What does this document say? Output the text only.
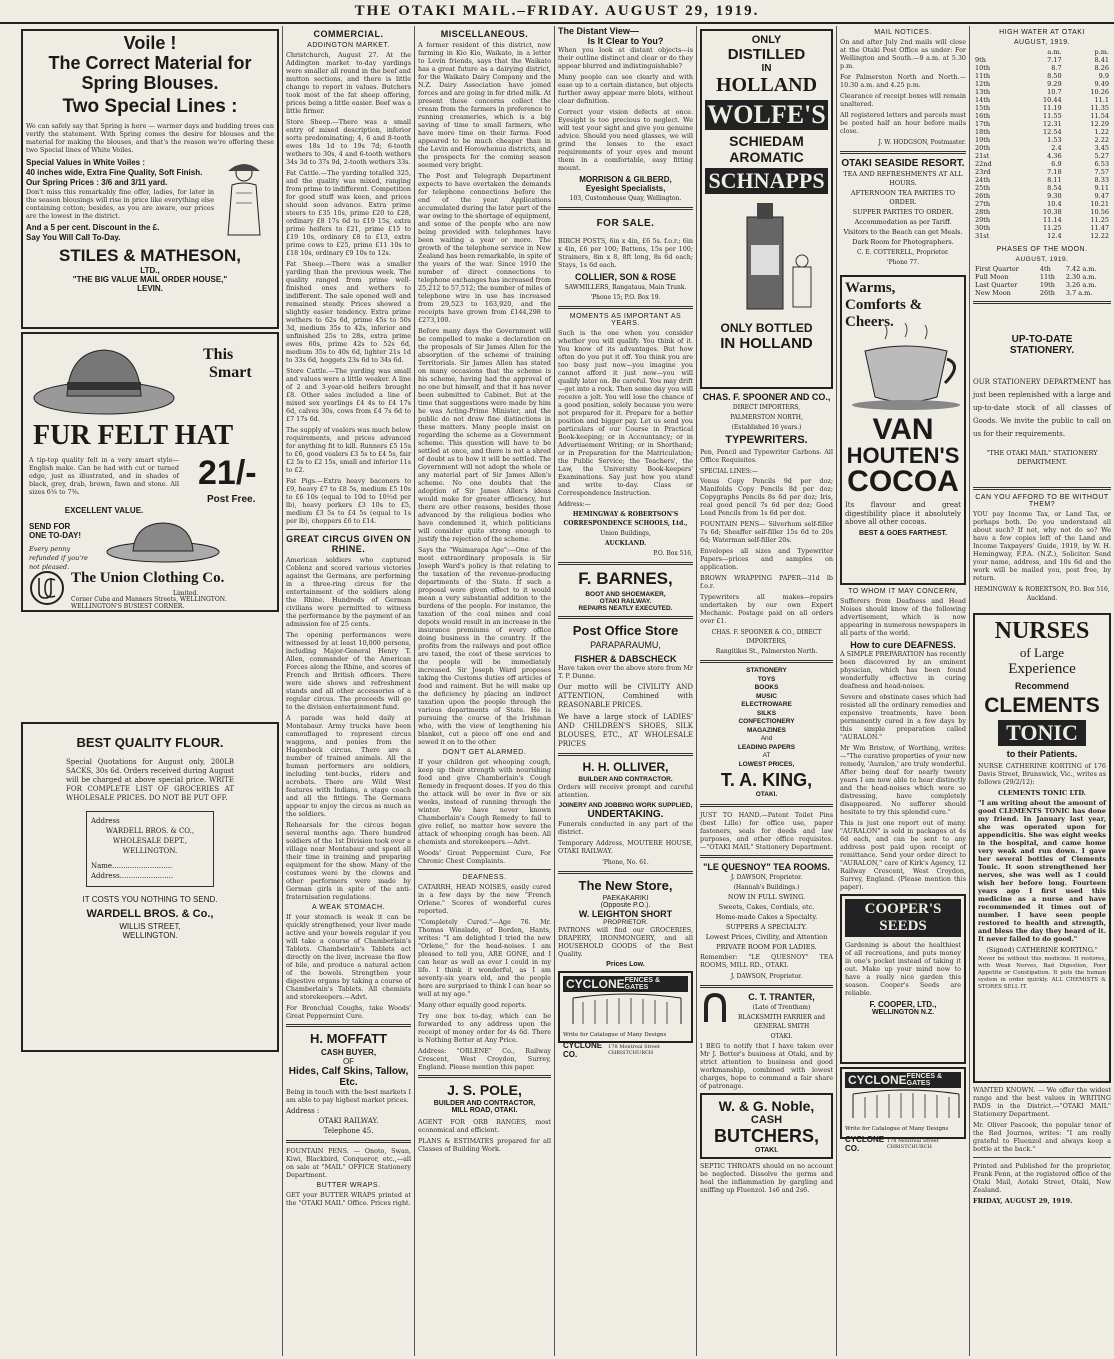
THE OTAKI MAIL.–FRIDAY. AUGUST 29, 1919.
Voile !
The Correct Material for
Spring Blouses.
Two Special Lines :

We can safely say that Spring is here — warmer days and budding trees can verify the statement. With Spring comes the desire for blouses and the material for making the blouses, and that's the reason we're offering these two Special lines of White Voiles.

Special Values in White Voiles :
40 inches wide, Extra Fine Quality, Soft Finish.
Our Spring Prices : 3/6 and 3/11 yard.

Don't miss this remarkably fine offer, ladies, for later in the season blousings will rise in price like everything else containing cotton; besides, as you are aware, our prices are the lowest in the district.

And a 5 per cent. Discount in the £.
Say You Will Call To-Day.
STILES & MATHESON,
LTD.,
"THE BIG VALUE MAIL ORDER HOUSE,"
LEVIN.
This
Smart
FUR FELT HAT

A tip-top quality felt in a very smart style—English make. Can be had with cut or turned edge, just as illustrated, and in shades of black, grey, drab, brown, fawn and stone. All sizes 6⅛ to 7⅜.	21/-
Post Free.
EXCELLENT VALUE.
SEND FOR ONE TO-DAY!
Every penny refunded if you're not pleased.
The Union Clothing Co.
Limited.
Corner Cuba and Manners Streets, WELLINGTON.
WELLINGTON'S BUSIEST CORNER.
BEST QUALITY FLOUR.

Special Quotations for August only, 200LB SACKS, 30s 6d. Orders received during August will be charged at above special price. WRITE FOR COMPLETE LIST OF GROCERIES AT WHOLESALE PRICES. DO NOT BE PUT OFF.

Address
WARDELL BROS. & CO.,
WHOLESALE DEPT.,
WELLINGTON.
Name...........................
Address........................
IT COSTS YOU NOTHING TO SEND.
WARDELL BROS. & Co.,
WILLIS STREET,
WELLINGTON.
COMMERCIAL.
ADDINGTON MARKET.

Christchurch, August 27. At the Addington market to-day yardings were smaller all round in the beef and mutton sections, and there is little change to report in values. Butchers took most of the fat sheep offering, prices being a little easier. Beef was a little firmer.

Store Sheep.—There was a small entry of mixed description, inferior sorts predominating; 4, 6 and 8-tooth ewes 18s 1d to 19s 7d; 6-tooth wethers to 30s, 4 and 6-tooth wethers 34s 3d to 37s 9d, 2-tooth wethers 33s.

Fat Cattle.—The yarding totalled 325, and the quality was mixed, ranging from prime to indifferent. Competition for good stuff was keen, and prices should soon advance. Extra prime steers to £35 10s, prime £20 to £28, ordinary £8 17s 6d to £19 15s, extra prime heifers to £21, prime £15 to £19 10s, ordinary £8 to £13, extra prime cows to £25, prime £11 10s to £18 10s, ordinary £9 10s to 12s.

Fat Sheep.—There was a smaller yarding than the previous week. The quality ranged from prime well-finished ones and wethers to indifferent. The sale opened well and remained steady. Prices showed a slightly easier tendency. Extra prime wethers to 62s 6d, prime 45s to 50s 3d, medium 35s to 42s, inferior and unfinished 25s to 28s, extra prime ewes 60s, prime 42s to 52s 6d, medium 35s to 40s 6d, lighter 21s 1d to 33s 6d, hoggets 23s 6d to 34s 6d.

Store Cattle.—The yarding was small and values were a little weaker. A line of 2 and 3-year-old heifers brought £8. Other sales included a line of mixed sex yearlings £4 4s to £4 17s 6d, calves 30s, cows from £4 7s 6d to £7 17s 6d.

The supply of vealers was much below requirements, and prices advanced for anything fit to kill. Runners £5 15s to £6, good vealers £3 5s to £4 5s, fair £2 5s to £2 15s, small and inferior 11s to £2.

Fat Pigs.—Extra heavy baconers to £9, heavy £7 to £8 5s, medium £5 10s to £6 10s (equal to 10d to 10½d per lb), heavy porkers £3 10s to £5, medium £3 5s to £4 5s (equal to 1s per lb), choppers £6 to £14.

GREAT CIRCUS GIVEN ON RHINE.

American soldiers who captured Coblenz and scored various victories against the Germans, are performing in a three-ring circus for the entertainment of the soldiers along the Rhine. Hundreds of German civilians were permitted to witness the performance by the payment of an admission fee of 25 cents.

The opening performances were witnessed by at least 10,000 persons, including Major-General Henry T. Allen, commander of the American Forces along the Rhine, and scores of French and British officers. There were side shows and refreshment stands and all other accessories of a regular circus. The proceeds will go to the division entertainment fund.

A parade was held daily at Montabaur. Army trucks have been camouflaged to represent circus waggons, and ponies from the Hagenbeck circus. There are a number of trained animals. All the human performers are soldiers, including tent-bucks, riders and acrobats. There are Wild West features with Indians, a stage coach and all the fittings. The Germans appear to enjoy the circus as much as the soldiers.

Rehearsals for the circus began several months ago. There hundred soldiers of the 1st Division took over a village near Montabaur and spent all their time in training and preparing equipment for the show. Many of the costumes were by the clowns and other performers were made by German girls in spite of the anti-fraternisation regulations.

A WEAK STOMACH.

If your stomach is weak it can be quickly strengthened, your liver made active and your bowels regular if you will take a course of Chamberlain's Tablets. Chamberlain's Tablets act directly on the liver, increase the flow of bile, and produce a natural action of the bowels. Strengthen your digestive organs by taking a course of Chamberlain's Tablets. All chemists and storekeepers.—Advt.

For Bronchial Coughs, take Woods' Great Peppermint Cure.

H. MOFFATT
CASH BUYER,
OF
Hides, Calf Skins, Tallow, Etc.

Being in touch with the best markets I am able to pay highest market prices.

Address :
OTAKI RAILWAY.
Telephone 45.

FOUNTAIN PENS. — Onoto, Swan, Kiwi, Blackbird, Conqueror, etc.,—all on sale at "MAIL" OFFICE Stationery Department.

BUTTER WRAPS.

GET your BUTTER WRAPS printed at the "OTAKI MAIL" Office. Prices right.

MISCELLANEOUS.

A former resident of this district, now farming in Kio Kio, Waikato, in a letter to Levin friends, says that the Waikato has a great future as a dairying district, for the Waikato Dairy Company and the N.Z. Dairy Association have joined forces and are going in for dried milk. At present these concerns collect the cream from the farmers in preference to running creameries, which is a big saving of time to small farmers, who have more time on their farms. Food appeared to be much cheaper than in the Levin and Horowhenua districts, and the prospects for the coming season seemed very bright.

The Post and Telegraph Department expects to have overtaken the demands for telephone connections before the end of the year. Applications accumulated during the later part of the war owing to the shortage of equipment, and some of the people who are now being provided with telephones have been waiting a year or more. The growth of the telephone service in New Zealand has been remarkable, in spite of the years of the war. Since 1910 the number of direct connections to telephone exchanges has increased from 25,212 to 57,512; the number of miles of telephone wire in use has increased from 29,523 to 163,920, and the receipts have grown from £144,298 to £273,100.

Before many days the Government will be compelled to make a declaration on the proposals of Sir James Allen for the absorption of the scheme of training Territorials. Sir James Allen has stated on many occasions that the scheme is his scheme, having had the approval of no one but himself, and that it has never been submitted to Cabinet. But at the time that suggestions were made by him he was Acting-Prime Minister, and the public do not draw fine distinctions in these matters. Many people insist on regarding the scheme as a Government scheme. This question will have to be settled at once, and there is not a shred of doubt as to how it will be settled. The Government will not adopt the whole or any material part of Sir James Allen's scheme. No one doubts that the adoption of Sir James Allen's ideas would make for greater efficiency, but there are other reasons, besides those advanced by the religious bodies who have condemned it, which politicians will consider quite strong enough to justify the rejection of the scheme.

Says the "Waimarapa Age":—One of the most extraordinary proposals is Sir Joseph Ward's policy is that relating to the taxation of the revenue-producing departments of the State. If such a proposal were given effect to it would mean a very substantial addition to the burdens of the people. For instance, the taxation of the coal mines and coal depots would result in an increase in the insurance premiums of every office doing business in the country. If the profits from the railways and post office are taxed, the cost of these services to the people will be immediately increased. Sir Joseph Ward proposes taking the Customs duties off articles of food and raiment. But he will make up the deficiency by placing an indirect taxation upon the people through the various departments of State. He is pursuing the course of the Irishman who, with the view of lengthening his blanket, cut a piece off one end and sewed it on to the other.

DON'T GET ALARMED.

If your children get whooping cough, keep up their strength with nourishing food and give Chamberlain's Cough Remedy in frequent doses. If you do this the attack will be over in five or six weeks, instead of running through the winter. We have never known Chamberlain's Cough Remedy to fail to give relief, no matter how severe the attack of whooping cough has been. All chemists and storekeepers.—Advt.

Woods' Great Peppermint Cure, For Chronic Chest Complaints.

DEAFNESS.

CATARRH, HEAD NOISES, easily cured in a few days by the new "French Orlene." Scores of wonderful cures reported.

"Completely Cured."—Age 76. Mr. Thomas Winslade, of Borden, Hants, writes: "I am delighted I tried the new "Orlene," for the head-noises. I am pleased to tell you, ARE GONE, and I can hear as well as ever I could in my life. I think it wonderful, as I am seventy-six years old, and the people here are surprised to think I can hear so well at my age."

Many other equally good reports.

Try one box to-day, which can be forwarded to any address upon the receipt of money order for 4s 6d. There is Nothing Better at Any Price.

Address: "ORLENE" Co., Railway Crescent, West Croydon, Surrey, England. Please mention this paper.

J. S. POLE,
BUILDER AND CONTRACTOR,
MILL ROAD, OTAKI.

AGENT FOR ORB RANGES, most economical and efficient.

PLANS & ESTIMATES prepared for all Classes of Building Work.

The Distant View—
Is It Clear to You?

When you look at distant objects—is their outline distinct and clear or do they appear blurred and indistinguishable?

Many people can see clearly and with ease up to a certain distance, but objects further away appear mere blots, without clear definition.

Correct your vision defects at once. Eyesight is too precious to neglect. We will test your sight and give you genuine advice. Should you need glasses, we will grind the lenses to the exact requirements of your eyes and mount them in a comfortable, easy fitting mount.

MORRISON & GILBERD,
Eyesight Specialists,
103, Customhouse Quay, Wellington.
FOR SALE.

BIRCH POSTS, 6in x 4in, £6 5s. f.o.r.; 6in x 4in, £6 per 100; Battens, 15s per 100; Strainers, 8in x 8, 8ft long, 8s 6d each; Stays, 1s 6d each.

COLLIER, SON & ROSE
SAWMILLERS, Rangataua, Main Trunk.
'Phone 15; P.O. Box 19.
MOMENTS AS IMPORTANT AS YEARS.

Such is the one when you consider whether you will qualify. You think of it. You know of its advantages. But how often do you put it off. You think you are too busy just now—you imagine you cannot afford it just now—you will qualify later on. Be careful. You may drift—get into a rock. Then some day you will receive a jolt. You will lose the chance of a good position, solely because you were not prepared for it. Prepare for a better position and bigger pay. Let us send you particulars of our Course in Practical Book-keeping; or in Accountancy; or in Advertisement Writing; or in Shorthand; or in Preparation for the Matriculation; the Public Service; the Teachers', the Law, the University Book-keepers' Examinations. Say just how you stand and write to-day. Class or Correspondence Instruction.

Address:—
HEMINGWAY & ROBERTSON'S CORRESPONDENCE SCHOOLS, Ltd.,
Union Buildings,
AUCKLAND.
P.O. Box 516,
F. BARNES,
BOOT AND SHOEMAKER,
OTAKI RAILWAY.
REPAIRS NEATLY EXECUTED.
Post Office Store
PARAPARAUMU,
FISHER & DABSCHECK

Have taken over the above store from Mr T. P. Dunne.

Our motto will be CIVILITY AND ATTENTION, Combined with REASONABLE PRICES.

We have a large stock of LADIES' AND CHILDREN'S SHOES, SILK BLOUSES, ETC., AT WHOLESALE PRICES

H. H. OLLIVER,
BUILDER AND CONTRACTOR.

Orders will receive prompt and careful attention.

JOINERY AND JOBBING WORK SUPPLIED,
UNDERTAKING.

Funerals conducted in any part of the district.

Temporary Address, MOUTERE HOUSE, OTAKI RAILWAY.

'Phone, No. 61.
The New Store,
PAEKAKARIKI
(Opposite P.O.).
W. LEIGHTON SHORT
PROPRIETOR.

PATRONS will find our GROCERIES, DRAPERY, IRONMONGERY, and all HOUSEHOLD GOODS of the Best Quality.

Prices Low.
CYCLONE FENCES & GATES
Write for Catalogue of Many Designs
CYCLONE CO.
178 Montreal Street CHRISTCHURCH
ONLY
DISTILLED
IN
HOLLAND
WOLFE'S
SCHIEDAM
AROMATIC
SCHNAPPS
ONLY BOTTLED
IN HOLLAND
CHAS. F. SPOONER AND CO.,
DIRECT IMPORTERS,
PALMERSTON NORTH,
(Established 16 years.)
TYPEWRITERS.

Pen, Pencil and Typewriter Carbons. All Office Requisites.

SPECIAL LINES:—

Venus Copy Pencils 9d per doz; Manifolds Copy Pencils 8d per doz; Copygraphs Pencils 8s 6d per doz; Iris, real good pencil 7s 6d per doz; Good Lead Pencils from 1s 6d per doz.

FOUNTAIN PENS— Silverhum self-filler 7s 6d; Sheaffer self-filler 15s 6d to 20s 6d; Waterman self-filler 20s.

Envelopes all sizes and Typewriter Papers—prices and samples on application.

BROWN WRAPPING PAPER—31d lb f.o.r.

Typewriters all makes—repairs undertaken by our own Expert Mechanic. Postage paid on all orders over £1.

CHAS. F. SPOONER & CO., DIRECT IMPORTERS,
Rangitikei St., Palmerston North.
STATIONERY
TOYS
BOOKS
MUSIC
ELECTROWARE
SILKS
CONFECTIONERY
MAGAZINES
And
LEADING PAPERS
AT
LOWEST PRICES,
T. A. KING,
OTAKI.

JUST TO HAND.—Patent Toilet Pins (best Lille) for office use, paper fasteners, seals for deeds and law purposes, and other office requisites.—"OTAKI MAIL" Stationery Department.

"LE QUESNOY" TEA ROOMS.
J. DAWSON, Proprietor.
(Hannah's Buildings.)
NOW IN FULL SWING.
Sweets, Cakes, Cordials, etc.
Home-made Cakes a Specialty.
SUPPERS A SPECIALTY.
Lowest Prices, Civility, and Attention
PRIVATE ROOM FOR LADIES.

Remember: "LE QUESNOY" TEA ROOMS, MILL RD., OTAKI.

J. DAWSON, Proprietor.
C. T. TRANTER,
(Late of Trentham)
BLACKSMITH FARRIER and GENERAL SMITH
OTAKI.

I BEG to notify that I have taken over Mr J. Better's business at Otaki, and by strict attention to business and good workmanship, combined with lowest charges, hope to command a fair share of patronage.

W. & G. Noble,
CASH
BUTCHERS,
OTAKI.

SEPTIC THROATS should on no account be neglected. Dissolve the germs and heal the inflammation by gargling and sniffing up Fluenzol. 1s6 and 2s6.

MAIL NOTICES.

On and after July 2nd mails will close at the Otaki Post Office as under: For Wellington and South.—9 a.m. at 5.30 p.m.

For Palmerston North and North.—10.30 a.m. and 4.25 p.m.

Clearance of receipt boxes will remain unaltered.

All registered letters and parcels must be posted half an hour before mails close.

J. W. HODGSON, Postmaster.
OTAKI SEASIDE RESORT.
TEA AND REFRESHMENTS AT ALL HOURS.
AFTERNOON TEA PARTIES TO ORDER.
SUPPER PARTIES TO ORDER.
Accommodation as per Tariff.
Visitors to the Beach can get Meals.
Dark Room for Photographers.
C. E. COTTERELL, Proprietor.
'Phone 77.
Warms,
Comforts &
Cheers.
VAN
HOUTEN'S
COCOA

Its flavour and great digestibility place it absolutely above all other cocoas.

BEST & GOES FARTHEST.
TO WHOM IT MAY CONCERN,

Sufferers from Deafness and Head Noises should know of the following advertisement, which is now appearing in numerous newspapers in all parts of the world.

How to cure DEAFNESS.

A SIMPLE PREPARATION has recently been discovered by an eminent physician, which has been found wonderfully effective in curing deafness and head-noises.

Severe and obstinate cases which had resisted all the ordinary remedies and expensive treatments, have been permanently cured in a few days by this simple preparation called "AURALON."

Mr Wm Bristow, of Worthing, writes:—"The curative properties of your new remedy, 'Auralon,' are truly wonderful. After being deaf for nearly twenty years I am now able to hear distinctly and the head-noises which were so distressing, have completely disappeared. No sufferer should hesitate to try this splendid cure."

This is just one report out of many. "AURALON" is sold in packages at 4s 6d each, and can be sent to any address post paid upon receipt of remittance. Send your order direct to "AURALON," care of Kirk's Agency, 12 Railway Crescent, West Croydon, Surrey, England. (Please mention this paper).

COOPER'S SEEDS

Gardening is about the healthiest of all recreations, and puts money in one's pocket instead of taking it out. Make up your mind now to have a really nice garden this season. Cooper's Seeds are reliable.

F. COOPER, LTD.,
WELLINGTON N.Z.
CYCLONE FENCES & GATES
Write for Catalogue of Many Designs
CYCLONE CO.
178 Montreal Street CHRISTCHURCH
HIGH WATER AT OTAKI
AUGUST, 1919.
	a.m.	p.m.
9th	7.17	8.41
10th	8.7	8.26
11th	8.50	9.9
12th	9.29	9.49
13th	10.7	10.26
14th	10.44	11.1
15th	11.19	11.35
16th	11.55	11.54
17th	12.31	12.29
18th	12.54	1.22
19th	1.53	2.22
20th	2.4	3.45
21st	4.36	5.27
22nd	6.9	6.53
23rd	7.18	7.57
24th	8.11	8.33
25th	8.54	9.11
26th	9.30	9.47
27th	10.4	10.21
28th	10.38	10.56
29th	11.14	11.25
30th	11.25	11.47
31st	12.4	12.22
PHASES OF THE MOON.
AUGUST, 1919.
First Quarter	4th	7.42 a.m.
Full Moon	11th	2.30 a.m.
Last Quarter	19th	3.26 a.m.
New Moon	26th	3.7 a.m.
UP-TO-DATE STATIONERY.

OUR STATIONERY DEPARTMENT has just been replenished with a large and up-to-date stock of all classes of Goods. We invite the public to call on us for their requirements.

"THE OTAKI MAIL" STATIONERY DEPARTMENT.
CAN YOU AFFORD TO BE WITHOUT THEM?

YOU pay Income Tax, or Land Tax, or perhaps both. Do you understand all about such? If not, why not do so? We have a few copies left of the Land and Income Taxpayers' Guide, 1919, by W. H. Hemingway, F.P.A. (N.Z.), Solicitor. Send your name, address, and 10s 6d and the work will be mailed you, post free, by return.

HEMINGWAY & ROBERTSON, P.O. Box 516, Auckland.
NURSES
of Large
Experience
Recommend
CLEMENTS
TONIC
to their Patients.

NURSE CATHERINE KORTING of 176 Davis Street, Brunswick, Vic., writes as follows (29/2/12):

CLEMENTS TONIC LTD.

"I am writing about the amount of good CLEMENTS TONIC has done my friend. In January last year, she was operated upon for appendicitis. She was eight weeks in the hospital, and came home very weak and run down. I gave her several bottles of Clements Tonic. It soon strengthened her nerves, she was well as I could wish her before long. Fourteen years ago I first used this medicine as a nurse and have recommended it times out of number. I have seen people restored to health and strength, and bless the day they heard of it. It never failed to do good."

(Signed) CATHERINE KORTING."

Never be without this medicine. It restores, with Weak Nerves, Bad Digestion, Poor Appetite or Constipation. It puts the human system in order quickly. ALL CHEMISTS & STORES SELL IT.

WANTED KNOWN. — We offer the widest range and the best values in WRITING PADS in the District.—"OTAKI MAIL" Stationery Department.

Mr. Oliver Pascoek, the popular tenor of the Red Journos, writes: "I am really grateful to Fluenzol and always keep a bottle at the back."

Printed and Published for the proprietor, Frank Penn, at the registered office of the Otaki Mail, Aotaki Street, Otaki, New Zealand.

FRIDAY, AUGUST 29, 1919.
